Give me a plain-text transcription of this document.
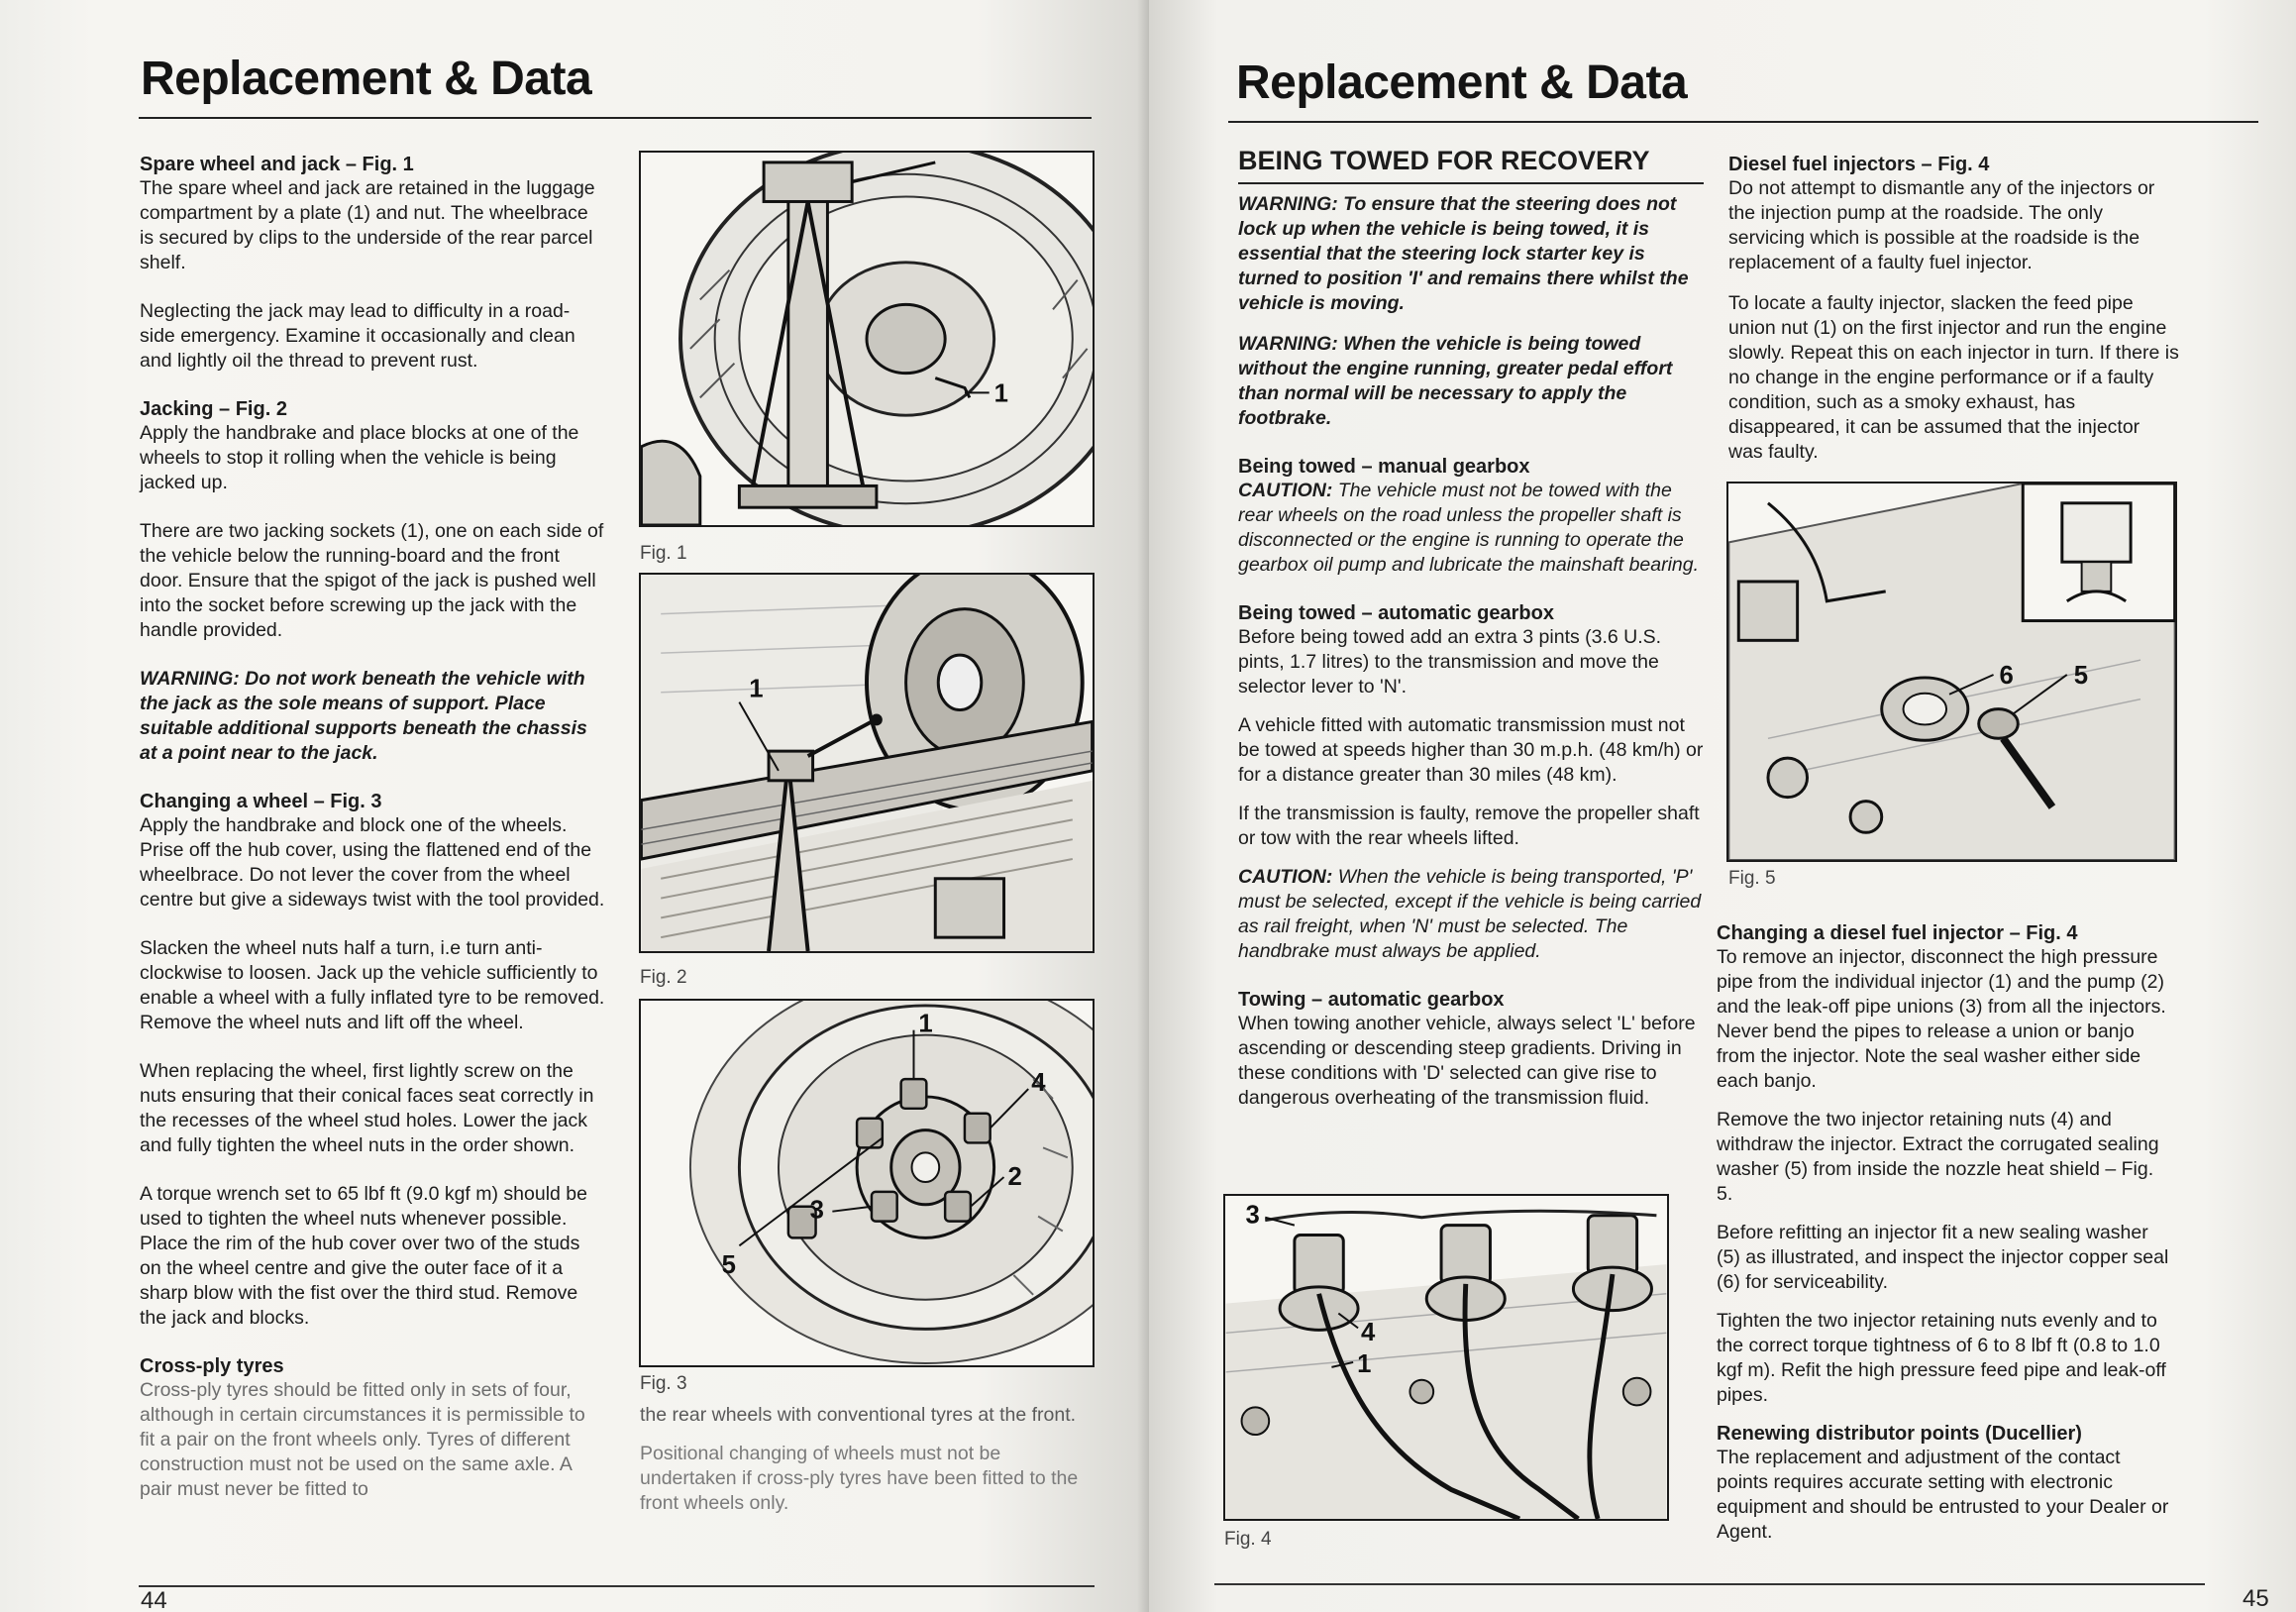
Replacement & Data
Spare wheel and jack – Fig. 1

The spare wheel and jack are retained in the luggage compartment by a plate (1) and nut. The wheelbrace is secured by clips to the underside of the rear parcel shelf.

Neglecting the jack may lead to difficulty in a road-side emergency. Examine it occasionally and clean and lightly oil the thread to prevent rust.

Jacking – Fig. 2

Apply the handbrake and place blocks at one of the wheels to stop it rolling when the vehicle is being jacked up.

There are two jacking sockets (1), one on each side of the vehicle below the running-board and the front door. Ensure that the spigot of the jack is pushed well into the socket before screwing up the jack with the handle provided.

WARNING: Do not work beneath the vehicle with the jack as the sole means of support. Place suitable additional supports beneath the chassis at a point near to the jack.

Changing a wheel – Fig. 3

Apply the handbrake and block one of the wheels. Prise off the hub cover, using the flattened end of the wheelbrace. Do not lever the cover from the wheel centre but give a sideways twist with the tool provided.

Slacken the wheel nuts half a turn, i.e turn anti-clockwise to loosen. Jack up the vehicle sufficiently to enable a wheel with a fully inflated tyre to be removed. Remove the wheel nuts and lift off the wheel.

When replacing the wheel, first lightly screw on the nuts ensuring that their conical faces seat correctly in the recesses of the wheel stud holes. Lower the jack and fully tighten the wheel nuts in the order shown.

A torque wrench set to 65 lbf ft (9.0 kgf m) should be used to tighten the wheel nuts whenever possible. Place the rim of the hub cover over two of the studs on the wheel centre and give the outer face of it a sharp blow with the fist over the third stud. Remove the jack and blocks.

Cross-ply tyres

Cross-ply tyres should be fitted only in sets of four, although in certain circumstances it is permissible to fit a pair on the front wheels only. Tyres of different construction must not be used on the same axle. A pair must never be fitted to

1
Fig. 1
1
Fig. 2
1
4
2
3
5
Fig. 3

the rear wheels with conventional tyres at the front.

Positional changing of wheels must not be undertaken if cross-ply tyres have been fitted to the front wheels only.

44
Replacement & Data
BEING TOWED FOR RECOVERY

WARNING: To ensure that the steering does not lock up when the vehicle is being towed, it is essential that the steering lock starter key is turned to position 'I' and remains there whilst the vehicle is moving.

WARNING: When the vehicle is being towed without the engine running, greater pedal effort than normal will be necessary to apply the footbrake.

Being towed – manual gearbox

CAUTION: The vehicle must not be towed with the rear wheels on the road unless the propeller shaft is disconnected or the engine is running to operate the gearbox oil pump and lubricate the mainshaft bearing.

Being towed – automatic gearbox

Before being towed add an extra 3 pints (3.6 U.S. pints, 1.7 litres) to the transmission and move the selector lever to 'N'.

A vehicle fitted with automatic transmission must not be towed at speeds higher than 30 m.p.h. (48 km/h) or for a distance greater than 30 miles (48 km).

If the transmission is faulty, remove the propeller shaft or tow with the rear wheels lifted.

CAUTION: When the vehicle is being transported, 'P' must be selected, except if the vehicle is being carried as rail freight, when 'N' must be selected. The handbrake must always be applied.

Towing – automatic gearbox

When towing another vehicle, always select 'L' before ascending or descending steep gradients. Driving in these conditions with 'D' selected can give rise to dangerous overheating of the transmission fluid.

3
4
1
Fig. 4
Diesel fuel injectors – Fig. 4

Do not attempt to dismantle any of the injectors or the injection pump at the roadside. The only servicing which is possible at the roadside is the replacement of a faulty fuel injector.

To locate a faulty injector, slacken the feed pipe union nut (1) on the first injector and run the engine slowly. Repeat this on each injector in turn. If there is no change in the engine performance or if a faulty condition, such as a smoky exhaust, has disappeared, it can be assumed that the injector was faulty.

6 5
Fig. 5
Changing a diesel fuel injector – Fig. 4

To remove an injector, disconnect the high pressure pipe from the individual injector (1) and the pump (2) and the leak-off pipe unions (3) from all the injectors. Never bend the pipes to release a union or banjo from the injector. Note the seal washer either side each banjo.

Remove the two injector retaining nuts (4) and withdraw the injector. Extract the corrugated sealing washer (5) from inside the nozzle heat shield – Fig. 5.

Before refitting an injector fit a new sealing washer (5) as illustrated, and inspect the injector copper seal (6) for serviceability.

Tighten the two injector retaining nuts evenly and to the correct torque tightness of 6 to 8 lbf ft (0.8 to 1.0 kgf m). Refit the high pressure feed pipe and leak-off pipes.

Renewing distributor points (Ducellier)

The replacement and adjustment of the contact points requires accurate setting with electronic equipment and should be entrusted to your Dealer or Agent.

45
